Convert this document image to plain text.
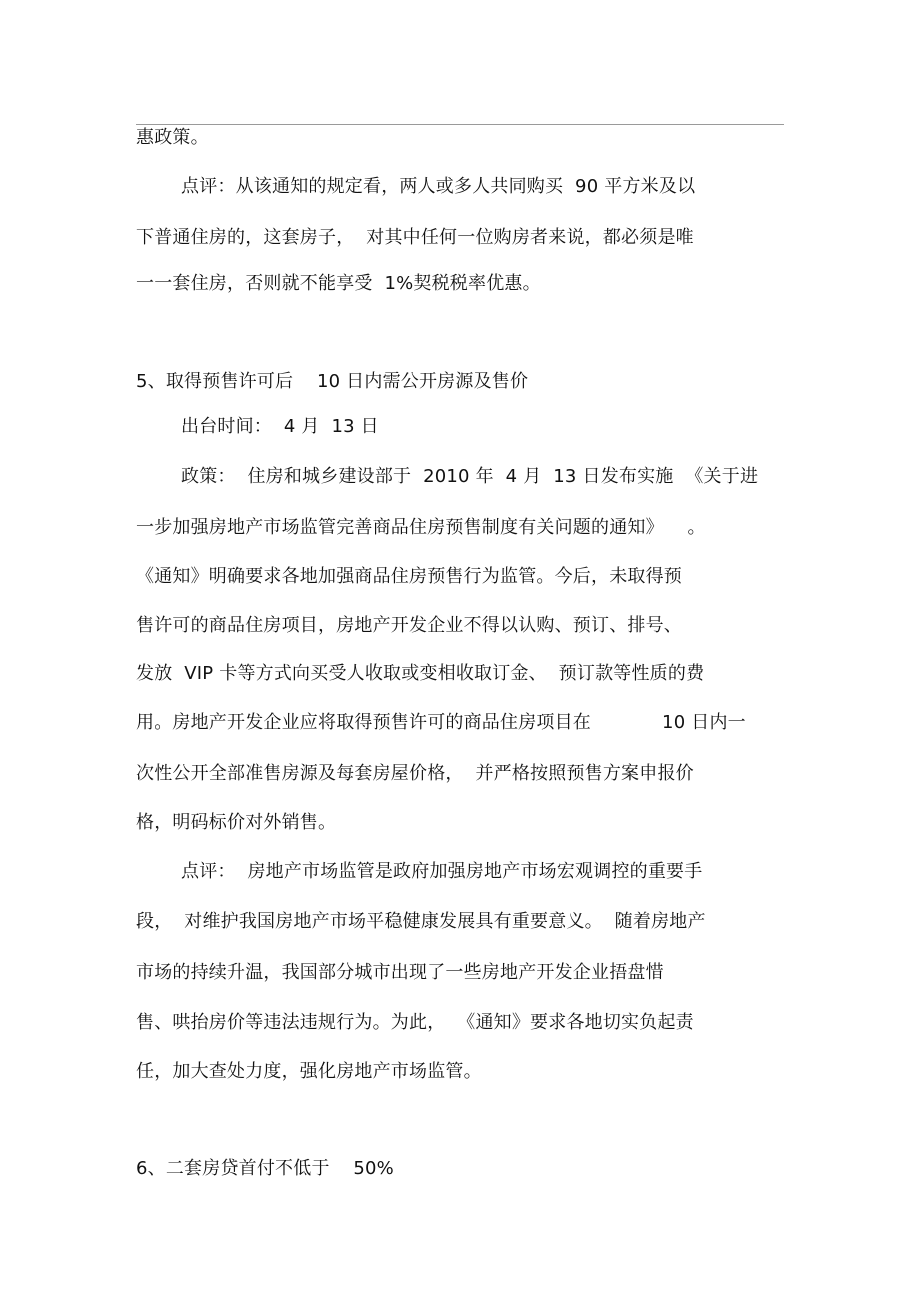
惠政策。
点评：从该通知的规定看，两人或多人共同购买  90 平方米及以
下普通住房的，这套房子，  对其中任何一位购房者来说，都必须是唯
一一套住房，否则就不能享受  1%契税税率优惠。
5、取得预售许可后    10 日内需公开房源及售价
出台时间：  4 月  13 日
政策：  住房和城乡建设部于  2010 年  4 月  13 日发布实施  《关于进
一步加强房地产市场监管完善商品住房预售制度有关问题的通知》    。
《通知》明确要求各地加强商品住房预售行为监管。今后，未取得预
售许可的商品住房项目，房地产开发企业不得以认购、预订、排号、
发放  VIP 卡等方式向买受人收取或变相收取订金、  预订款等性质的费
用。房地产开发企业应将取得预售许可的商品住房项目在            10 日内一
次性公开全部准售房源及每套房屋价格，  并严格按照预售方案申报价
格，明码标价对外销售。
点评：  房地产市场监管是政府加强房地产市场宏观调控的重要手
段，  对维护我国房地产市场平稳健康发展具有重要意义。  随着房地产
市场的持续升温，我国部分城市出现了一些房地产开发企业捂盘惜
售、哄抬房价等违法违规行为。为此，  《通知》要求各地切实负起责
任，加大查处力度，强化房地产市场监管。
6、二套房贷首付不低于    50%
